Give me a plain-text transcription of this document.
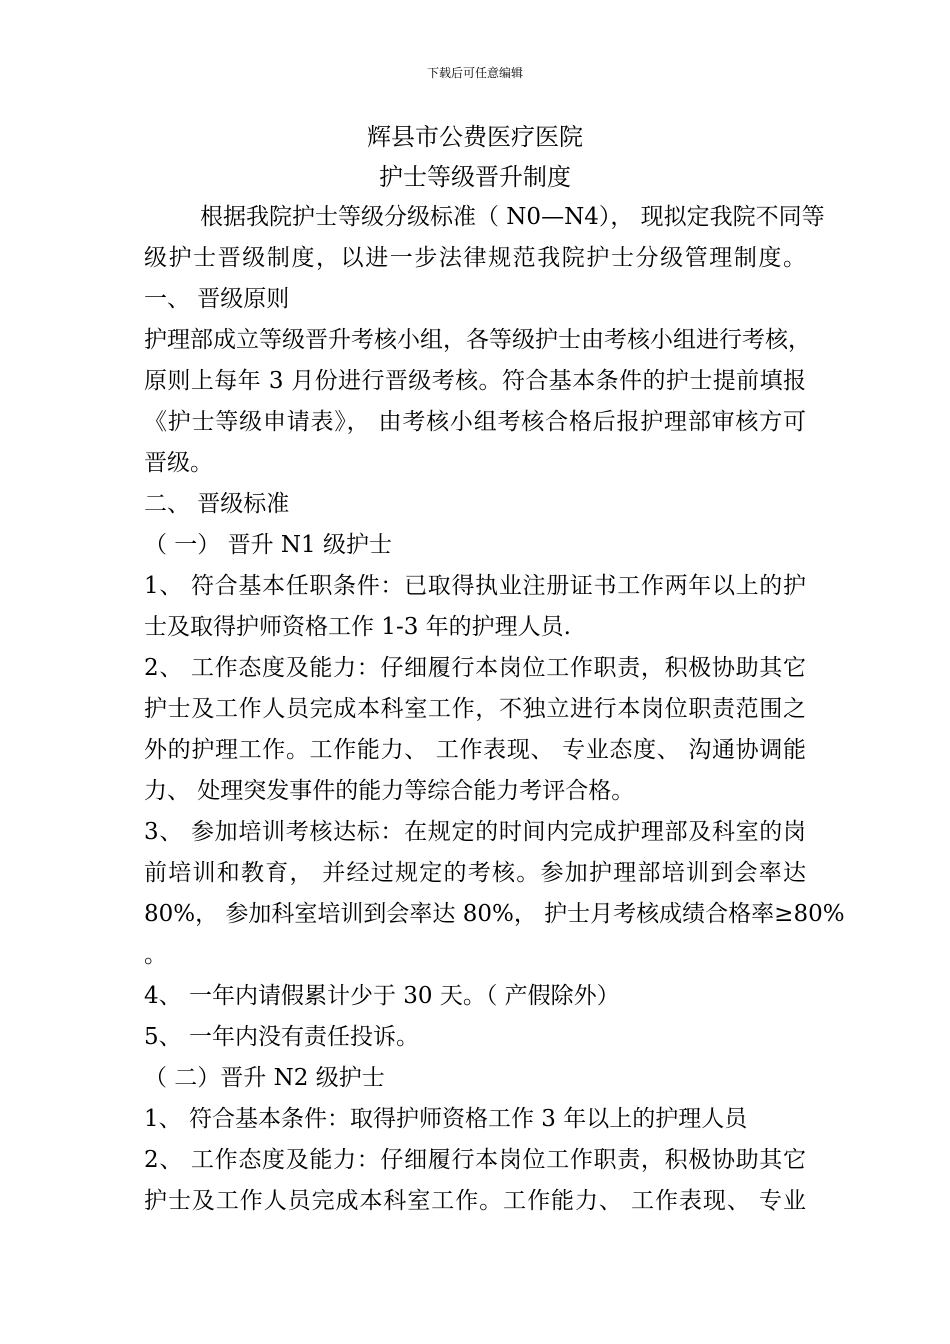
下载后可任意编辑
辉县市公费医疗医院
护士等级晋升制度
根据我院护士等级分级标准（ N0—N4）， 现拟定我院不同等
级护士晋级制度，以进一步法律规范我院护士分级管理制度。
一、 晋级原则
护理部成立等级晋升考核小组，各等级护士由考核小组进行考核，
原则上每年 3 月份进行晋级考核。符合基本条件的护士提前填报
《护士等级申请表》， 由考核小组考核合格后报护理部审核方可
晋级。
二、 晋级标准
（ 一） 晋升 N1 级护士
1、 符合基本任职条件：已取得执业注册证书工作两年以上的护
士及取得护师资格工作 1-3 年的护理人员.
2、 工作态度及能力：仔细履行本岗位工作职责，积极协助其它
护士及工作人员完成本科室工作，不独立进行本岗位职责范围之
外的护理工作。工作能力、 工作表现、 专业态度、 沟通协调能
力、 处理突发事件的能力等综合能力考评合格。
3、 参加培训考核达标：在规定的时间内完成护理部及科室的岗
前培训和教育， 并经过规定的考核。参加护理部培训到会率达
80%， 参加科室培训到会率达 80%， 护士月考核成绩合格率≥80%
。
4、 一年内请假累计少于 30 天。（ 产假除外）
5、 一年内没有责任投诉。
（ 二）晋升 N2 级护士
1、 符合基本条件：取得护师资格工作 3 年以上的护理人员
2、 工作态度及能力：仔细履行本岗位工作职责，积极协助其它
护士及工作人员完成本科室工作。工作能力、 工作表现、 专业
